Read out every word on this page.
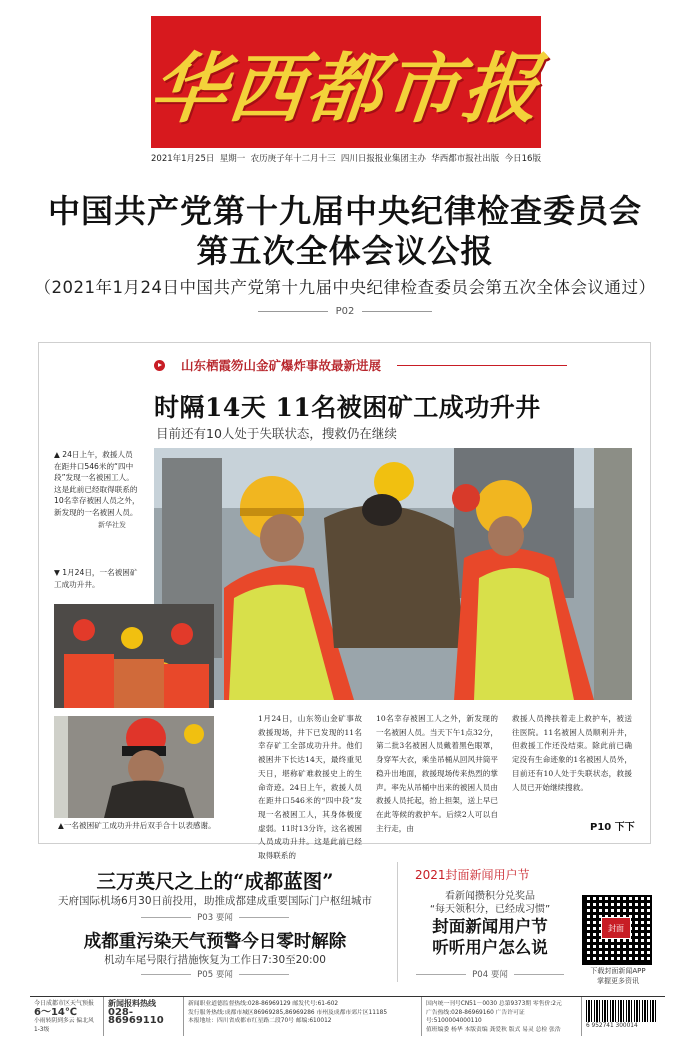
华西都市报
2021年1月25日 星期一 农历庚子年十二月十三 四川日报报业集团主办 华西都市报社出版 今日16版
中国共产党第十九届中央纪律检查委员会
第五次全体会议公报
（2021年1月24日中国共产党第十九届中央纪律检查委员会第五次全体会议通过）
P02
山东栖霞笏山金矿爆炸事故最新进展
时隔14天 11名被困矿工成功升井
目前还有10人处于失联状态，搜救仍在继续
▲ 24日上午，救援人员在距井口546米的“四中段”发现一名被困工人。这是此前已经取得联系的10名幸存被困人员之外，新发现的一名被困人员。
新华社发
▼ 1月24日，一名被困矿工成功升井。
▲一名被困矿工成功升井后双手合十以表感谢。
1月24日，山东笏山金矿事故救援现场，井下已发现的11名幸存矿工全部成功升井。他们被困井下长达14天，最终重见天日，堪称矿难救援史上的生命奇迹。24日上午，救援人员在距井口546米的“四中段”发现一名被困工人，其身体极度虚弱。11时13分许，这名被困人员成功升井。这是此前已经取得联系的
10名幸存被困工人之外，新发现的一名被困人员。当天下午1点32分，第二批3名被困人员戴着黑色眼罩，身穿军大衣，乘坐吊桶从回风井筒平稳升出地面，救援现场传来热烈的掌声。率先从吊桶中出来的被困人员由救援人员托起，抬上担架，送上早已在此等候的救护车。后续2人可以自主行走，由
救援人员搀扶着走上救护车，被送往医院。11名被困人员顺利升井，但救援工作还没结束。除此前已确定没有生命迹象的1名被困人员外，目前还有10人处于失联状态，救援人员已开始继续搜救。
P10 下下
三万英尺之上的“成都蓝图”
天府国际机场6月30日前投用，助推成都建成重要国际门户枢纽城市
P03 要闻
成都重污染天气预警今日零时解除
机动车尾号限行措施恢复为工作日7:30至20:00
P05 要闻
2021封面新闻用户节
看新闻攒积分兑奖品
“每天领积分，已经成习惯”
封面新闻用户节
听听用户怎么说
P04 要闻
封面
下载封面新闻APP
掌握更多资讯
今日成都市区天气预报
6～14℃
小雨转阴到多云 偏北风1-3级
新闻报料热线
028-86969110
新闻职业道德监督热线:028-86969129 邮发代号:61-602
发行服务热线:成都市城区86969285,86969286 市州及成都市郊片区11185
本报地址：四川省成都市红星路二段70号 邮编:610012
国内统一刊号CN51－0030 总第9373期 零售价:2元
广告热线:028-86969160 广告许可证号:5100004000110
值班编委 杨华 本版责编 龚爱秋 版式 易灵 总检 张浩
6 952741 300014
